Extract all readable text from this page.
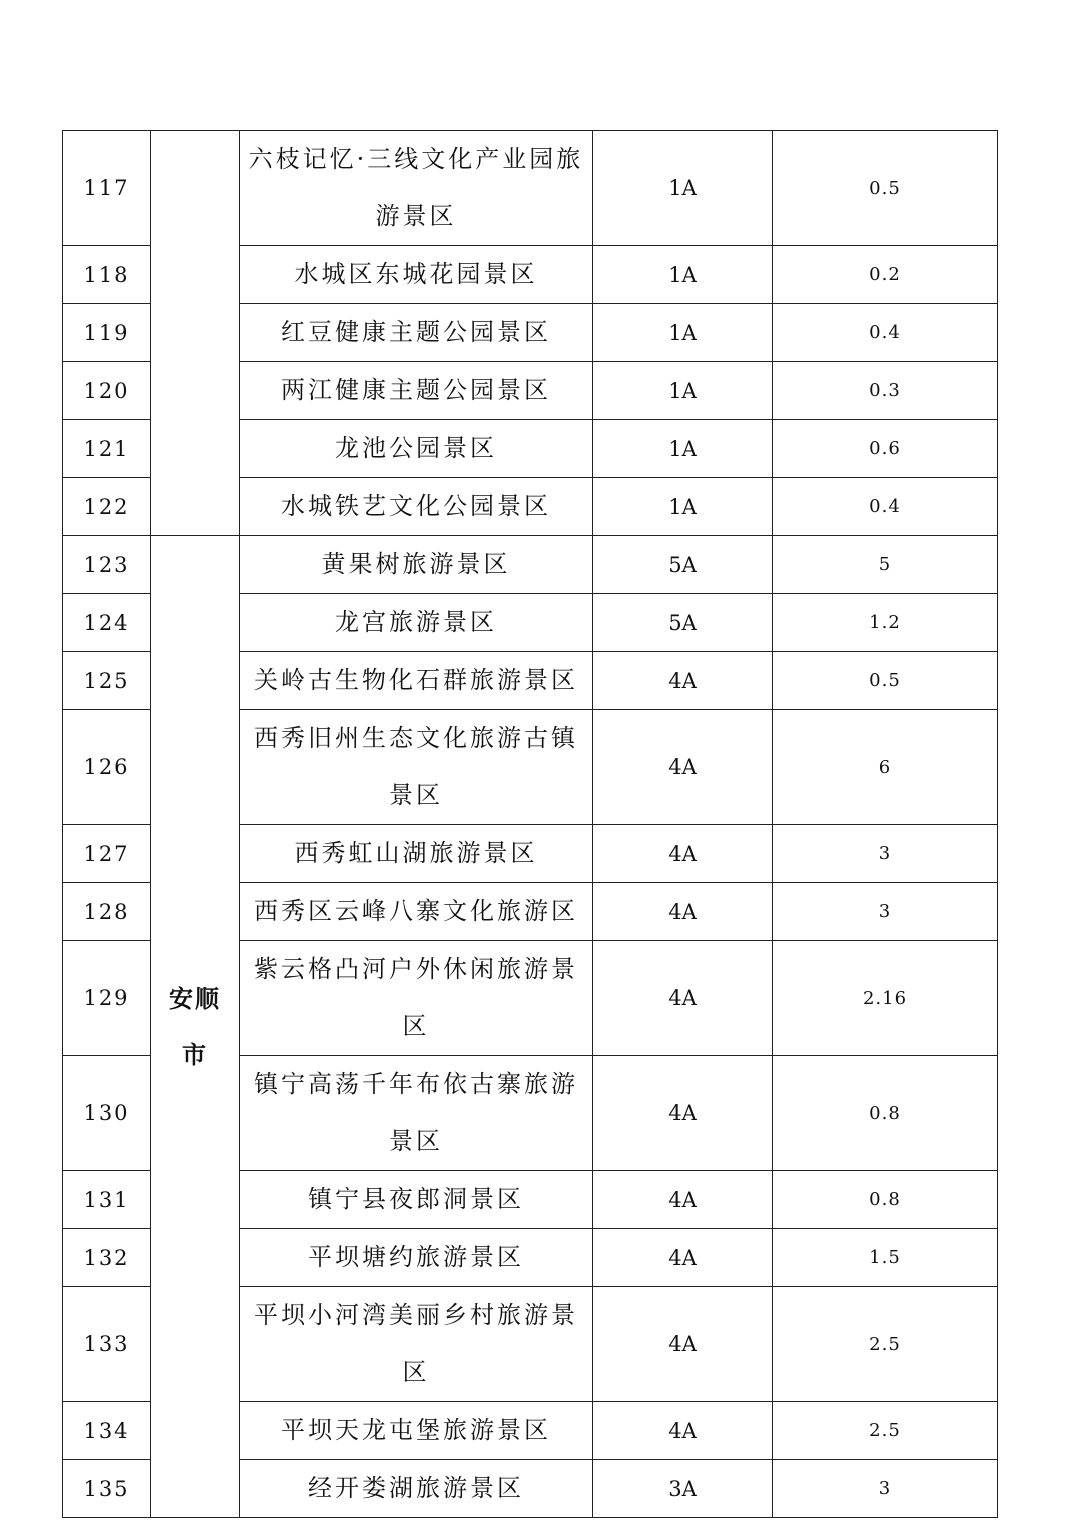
117		六枝记忆·三线文化产业园旅游景区	1A	0.5
118		水城区东城花园景区	1A	0.2
119		红豆健康主题公园景区	1A	0.4
120		两江健康主题公园景区	1A	0.3
121		龙池公园景区	1A	0.6
122		水城铁艺文化公园景区	1A	0.4
123	安顺市	黄果树旅游景区	5A	5
124		龙宫旅游景区	5A	1.2
125		关岭古生物化石群旅游景区	4A	0.5
126		西秀旧州生态文化旅游古镇景区	4A	6
127		西秀虹山湖旅游景区	4A	3
128		西秀区云峰八寨文化旅游区	4A	3
129		紫云格凸河户外休闲旅游景区	4A	2.16
130		镇宁高荡千年布依古寨旅游景区	4A	0.8
131		镇宁县夜郎洞景区	4A	0.8
132		平坝塘约旅游景区	4A	1.5
133		平坝小河湾美丽乡村旅游景区	4A	2.5
134		平坝天龙屯堡旅游景区	4A	2.5
135		经开娄湖旅游景区	3A	3
